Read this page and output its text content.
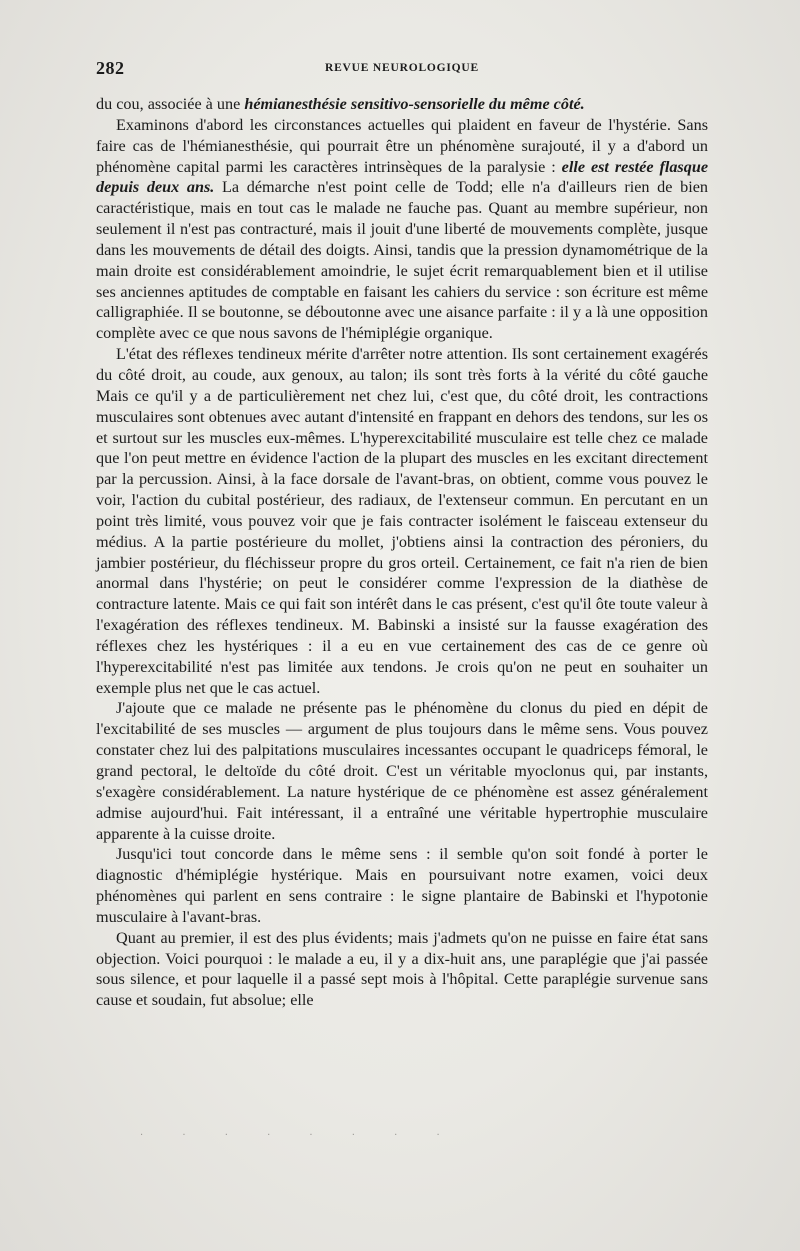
282	REVUE NEUROLOGIQUE

du cou, associée à une hémianesthésie sensitivo-sensorielle du même côté.

Examinons d'abord les circonstances actuelles qui plaident en faveur de l'hystérie. Sans faire cas de l'hémianesthésie, qui pourrait être un phénomène surajouté, il y a d'abord un phénomène capital parmi les caractères intrinsèques de la paralysie : elle est restée flasque depuis deux ans. La démarche n'est point celle de Todd; elle n'a d'ailleurs rien de bien caractéristique, mais en tout cas le malade ne fauche pas. Quant au membre supérieur, non seulement il n'est pas contracturé, mais il jouit d'une liberté de mouvements complète, jusque dans les mouvements de détail des doigts. Ainsi, tandis que la pression dynamométrique de la main droite est considérablement amoindrie, le sujet écrit remarquablement bien et il utilise ses anciennes aptitudes de comptable en faisant les cahiers du service : son écriture est même calligraphiée. Il se boutonne, se déboutonne avec une aisance parfaite : il y a là une opposition complète avec ce que nous savons de l'hémiplégie organique.

L'état des réflexes tendineux mérite d'arrêter notre attention. Ils sont certainement exagérés du côté droit, au coude, aux genoux, au talon; ils sont très forts à la vérité du côté gauche Mais ce qu'il y a de particulièrement net chez lui, c'est que, du côté droit, les contractions musculaires sont obtenues avec autant d'intensité en frappant en dehors des tendons, sur les os et surtout sur les muscles eux-mêmes. L'hyperexcitabilité musculaire est telle chez ce malade que l'on peut mettre en évidence l'action de la plupart des muscles en les excitant directement par la percussion. Ainsi, à la face dorsale de l'avant-bras, on obtient, comme vous pouvez le voir, l'action du cubital postérieur, des radiaux, de l'extenseur commun. En percutant en un point très limité, vous pouvez voir que je fais contracter isolément le faisceau extenseur du médius. A la partie postérieure du mollet, j'obtiens ainsi la contraction des péroniers, du jambier postérieur, du fléchisseur propre du gros orteil. Certainement, ce fait n'a rien de bien anormal dans l'hystérie; on peut le considérer comme l'expression de la diathèse de contracture latente. Mais ce qui fait son intérêt dans le cas présent, c'est qu'il ôte toute valeur à l'exagération des réflexes tendineux. M. Babinski a insisté sur la fausse exagération des réflexes chez les hystériques : il a eu en vue certainement des cas de ce genre où l'hyperexcitabilité n'est pas limitée aux tendons. Je crois qu'on ne peut en souhaiter un exemple plus net que le cas actuel.

J'ajoute que ce malade ne présente pas le phénomène du clonus du pied en dépit de l'excitabilité de ses muscles — argument de plus toujours dans le même sens. Vous pouvez constater chez lui des palpitations musculaires incessantes occupant le quadriceps fémoral, le grand pectoral, le deltoïde du côté droit. C'est un véritable myoclonus qui, par instants, s'exagère considérablement. La nature hystérique de ce phénomène est assez généralement admise aujourd'hui. Fait intéressant, il a entraîné une véritable hypertrophie musculaire apparente à la cuisse droite.

Jusqu'ici tout concorde dans le même sens : il semble qu'on soit fondé à porter le diagnostic d'hémiplégie hystérique. Mais en poursuivant notre examen, voici deux phénomènes qui parlent en sens contraire : le signe plantaire de Babinski et l'hypotonie musculaire à l'avant-bras.

Quant au premier, il est des plus évidents; mais j'admets qu'on ne puisse en faire état sans objection. Voici pourquoi : le malade a eu, il y a dix-huit ans, une paraplégie que j'ai passée sous silence, et pour laquelle il a passé sept mois à l'hôpital. Cette paraplégie survenue sans cause et soudain, fut absolue; elle

· · · · · · · ·
